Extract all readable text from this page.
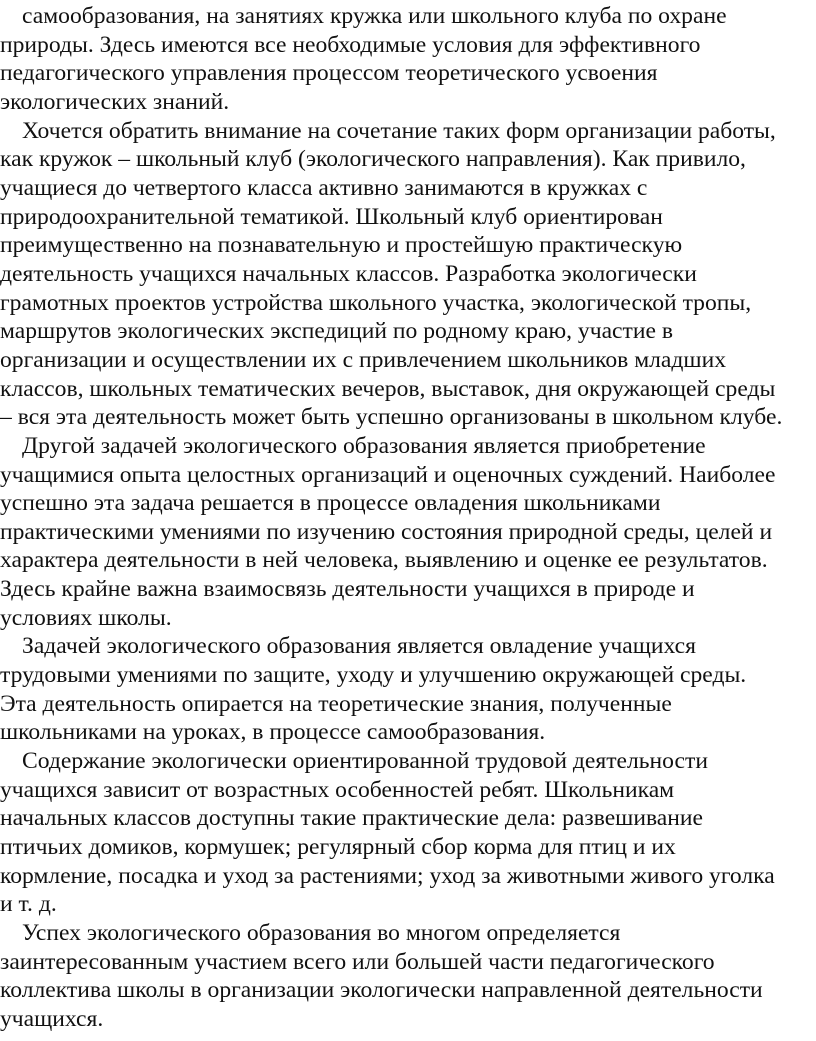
самообразования, на занятиях кружка или школьного клуба по охране
природы. Здесь имеются все необходимые условия для эффективного
педагогического управления процессом теоретического усвоения
экологических знаний.

Хочется обратить внимание на сочетание таких форм организации работы,
как кружок – школьный клуб (экологического направления). Как привило,
учащиеся до четвертого класса активно занимаются в кружках с
природоохранительной тематикой. Школьный клуб ориентирован
преимущественно на познавательную и простейшую практическую
деятельность учащихся начальных классов. Разработка экологически
грамотных проектов устройства школьного участка, экологической тропы,
маршрутов экологических экспедиций по родному краю, участие в
организации и осуществлении их с привлечением школьников младших
классов, школьных тематических вечеров, выставок, дня окружающей среды
– вся эта деятельность может быть успешно организованы в школьном клубе.

Другой задачей экологического образования является приобретение
учащимися опыта целостных организаций и оценочных суждений. Наиболее
успешно эта задача решается в процессе овладения школьниками
практическими умениями по изучению состояния природной среды, целей и
характера деятельности в ней человека, выявлению и оценке ее результатов.
Здесь крайне важна взаимосвязь деятельности учащихся в природе и
условиях школы.

Задачей экологического образования является овладение учащихся
трудовыми умениями по защите, уходу и улучшению окружающей среды.
Эта деятельность опирается на теоретические знания, полученные
школьниками на уроках, в процессе самообразования.

Содержание экологически ориентированной трудовой деятельности
учащихся зависит от возрастных особенностей ребят. Школьникам
начальных классов доступны такие практические дела: развешивание
птичьих домиков, кормушек; регулярный сбор корма для птиц и их
кормление, посадка и уход за растениями; уход за животными живого уголка
и т. д.

Успех экологического образования во многом определяется
заинтересованным участием всего или большей части педагогического
коллектива школы в организации экологически направленной деятельности
учащихся.
